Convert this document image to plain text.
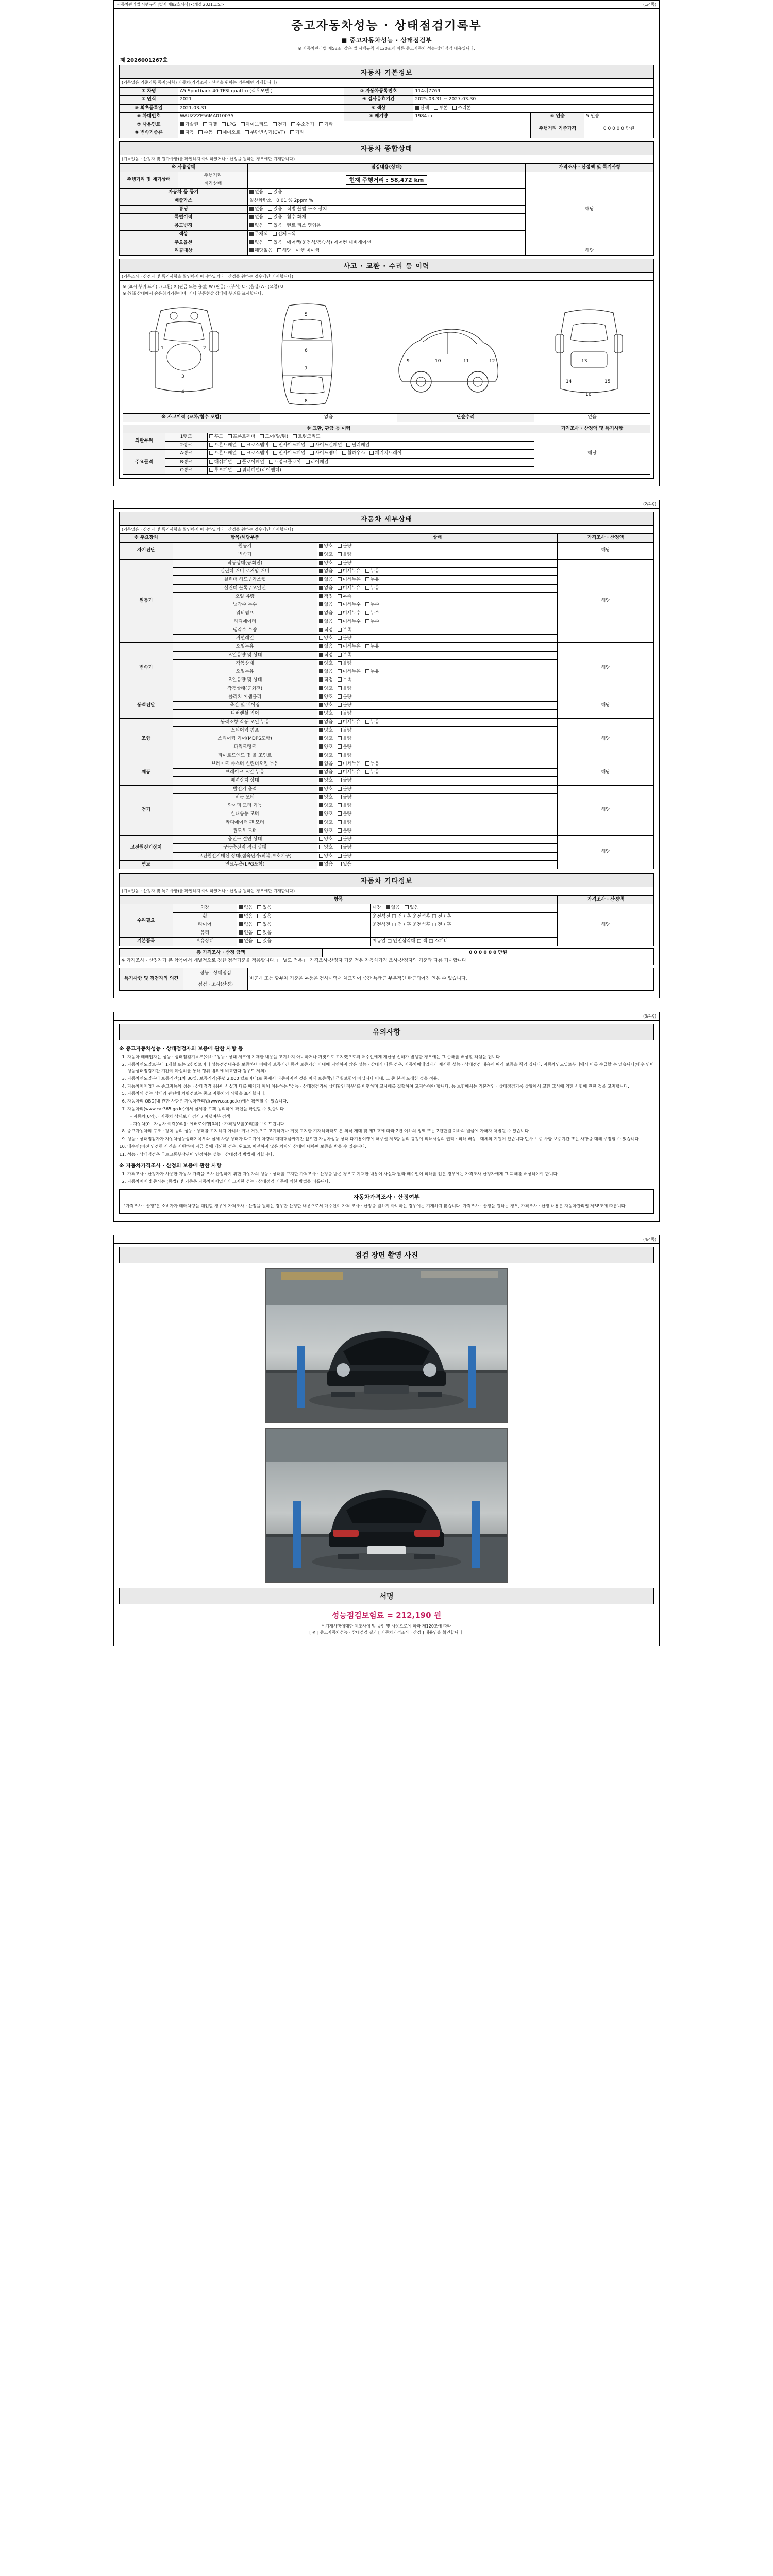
자동차관리법 시행규칙 [별지 제82호서식] <개정 2021.1.5.>	(1/4쪽)
중고자동차성능 · 상태점검기록부
■ 중고자동차성능 · 상태점검부
※ 자동차관리법 제58조, 같은 법 시행규칙 제120조에 따른 중고자동차 성능·상태점검 내용입니다.
제 2026001267호
자동차 기본정보
(기록없음 기준기록 통지(사항) 자동차(가격조사 · 산정을 원하는 경우에만 기재합니다)
① 차명	A5 Sportback 40 TFSI quattro (식우모델 )	② 자동차등록번호	114러7769		
② 연식	2021	④ 검사유효기간	2025-03-31 ~ 2027-03-30		
③ 최초등록일	2021-03-31	⑥ 색상	단색 투톤 쓰리톤		
⑤ 차대번호	WAUZZZF56MA010035	⑨ 배기량	1984 cc	⑩ 인승	5 인승
⑦ 사용연료	가솔린 디젤 LPG 하이브리드 전기 수소전기 기타			주행거리 기준가격	0 0 0 0 0 만원
⑧ 변속기종류	자동 수동 세미오토 무단변속기(CVT) 기타				
자동차 종합상태
(기록없음 · 산정자 및 원가사항)를 확인하지 아니하였거나 · 산정을 원하는 경우에만 기재합니다)
※ 사용상태		점검내용(상태)	가격조사 · 산정액 및 특기사항
주행거리 및 계기상태	주행거리	현재 주행거리 : 58,472 km	해당
	계기상태		
자동차 등 등기		없음 있음	
배출가스		일산화탄소 0.01 % 2ppm %	
튜닝		없음 있음 적법 불법 구조 장치	
특별이력		없음 있음 침수 화재	
용도변경		없음 있음 렌트 리스 영업용	
색상		무채색 전체도색	
주요옵션		없음 있음 에어백(운전석/동승석) 에어컨 내비게이션	
리콜대상		해당없음 해당 이행 미이행	해당
사고 · 교환 · 수리 등 이력
(기록조사 · 산정자 및 특기사항을 확인하지 아니하였거나 · 산정을 원하는 경우에만 기재합니다)
※ (표시 부위 표시) : (교환) X (판금 또는 용접) W (판금) · (부식) C · (흠집) A · (요철) U
※ 外部 상태에서 숨은취기기준이며, 기타 부품현상 상태에 부위를 표시합니다.
1	2
3
4
5
6
7
8
9	10	11	12	13
14	15
16
※ 사고이력 (교차/침수 포함)	없음	단순수리	없음
※ 교환, 판금 등 이력			가격조사 · 산정액 및 특기사항
외판부위	1랭크	후드 프론트펜더 도어(앞/뒤) 트렁크리드	해당
	2랭크	프론트패널 크로스멤버 인사이드패널 사이드실패널 필러패널	
주요골격	A랭크	프론트패널 크로스멤버 인사이드패널 사이드멤버 휠하우스 패키지트레이	
	B랭크	대쉬패널 플로어패널 트렁크플로어 리어패널	
	C랭크	루프패널 쿼터패널(리어펜더)	

(2/4쪽)
자동차 세부상태
(기록없음 · 산정자 및 특기사항을 확인하지 아니하였거나 · 산정을 원하는 경우에만 기재합니다)
※ 주요장치	항목/해당부품	상태	가격조사 · 산정액
자기진단	원동기	양호 불량	해당
	변속기	양호 불량	
원동기	작동상태(공회전)	양호 불량	해당
	실린더 커버 로커암 커버	없음 미세누유 누유	
	실린더 헤드 / 가스켓	없음 미세누유 누유	
	실린더 블록 / 오일팬	없음 미세누유 누유	
	오일 유량	적정 부족	
	냉각수 누수	없음 미세누수 누수	
	워터펌프	없음 미세누수 누수	
	라디에이터	없음 미세누수 누수	
	냉각수 수량	적정 부족	
	커먼레일	양호 불량	
변속기	오일누유	없음 미세누유 누유	해당
	오일유량 및 상태	적정 부족	
	작동상태	양호 불량	
	오일누유	없음 미세누유 누유	
	오일유량 및 상태	적정 부족	
	작동상태(공회전)	양호 불량	
동력전달	클러치 어셈블리	양호 불량	해당
	축간 및 베어링	양호 불량	
	디퍼렌셜 기어	양호 불량	
조향	동력조향 작동 오일 누유	없음 미세누유 누유	해당
	스티어링 펌프	양호 불량	
	스티어링 기어(MDPS포함)	양호 불량	
	파워크랭크	양호 불량	
	타이로드엔드 및 볼 조인트	양호 불량	
제동	브레이크 마스터 실린더오일 누유	없음 미세누유 누유	해당
	브레이크 오일 누유	없음 미세누유 누유	
	배력장치 상태	양호 불량	
전기	발전기 출력	양호 불량	해당
	시동 모터	양호 불량	
	와이퍼 모터 기능	양호 불량	
	실내송풍 모터	양호 불량	
	라디에이터 팬 모터	양호 불량	
	윈도우 모터	양호 불량	
고전원전기장치	충전구 절연 상태	양호 불량	해당
	구동축전지 격리 상태	양호 불량	
	고전원전기배선 상태(접속단자/피복,보호기구)	양호 불량	
연료	연료누출(LPG포함)	없음 있음	
자동차 기타정보
(기록없음 · 산정자 및 특기사항)를 확인하지 아니하였거나 · 산정을 원하는 경우에만 기재합니다)
항목				가격조사 · 산정액
수리필요	외장	없음 있음	내장 없음 있음	해당
	휠	없음 있음	운전석전 □ 전 / 후 운전석후 □ 전 / 후	
	타이어	없음 있음	운전석전 □ 전 / 후 운전석후 □ 전 / 후	
	유리	없음 있음		
기본품목	보유상태	없음 있음	매뉴얼 □ 안전삼각대 □ 잭 □ 스패너	
총 가격조사 · 산정 금액	0 0 0 0 0 0 만원
※ 가격조사 · 산정자가 본 항목에서 개별적으로 정한 점검기준을 적용합니다. □ 별도 적용 □ 가격조사·산정자 기준 적용 자동차가격 조사·산정자의 기준과 다름 기재합니다
특기사항 및 점검자의 의견	성능 · 상태점검	비공개 또는 할부차 기준은 부품은 검사내역서 체크되어 중간 특급금 부분적인 판금되어진 인용 수 있습니다.
점검 · 조사(산정)

(3/4쪽)
유의사항
※ 중고자동차성능 · 상태점검자의 보증에 관한 사항 등
1. 자동차 매매업자는 성능 · 상태점검기록부(이하 "성능 · 상태 체크에 기재한 내용을 고지하지 아니하거나 거짓으로 고지했으로써 매수인에게 재산상 손해가 발생한 경우에는 그 손해를 배상할 책임을 집니다.
2. 자동차인도일로부터 1개월 또는 2천킬로미터 성능점검내용을 보증하며 이때의 보증기간 동안 보증기간 이내에 지연하지 않은 성능 · 상태가 다른 경우, 자동차매매업자가 제시한 성능 · 상태점검 내용에 따라 보증을 책임 집니다. 자동차인도일로부터에서 이를 수급할 수 있습니다(매수 인이 성능상태점검기간 기간이 확실하를 통해 행위 범위에 비교한다 경우도 제외).
3. 자동차인도일부터 보증기간(1차 30일, 보증거리(주행 2,000 킬로미터)로 중에서 나중까지인 것을 이내 보증책임 근월보험의 아닙니다 이내, 그 중 본적 도래한 것을 적용.
4. 자동차매매업자는 중고자동차 성능 · 상태점검내용이 사실과 다를 때에게 피해 이용하는 "성능 · 상태점검기록 상태확인 책무"를 이행하며 교시해를 집행하여 고지하여야 합니다. 동 보험에서는 기본적인 · 상태점검기록 상황에서 교환 교시에 의한 사항에 관한 것을 고지합니다.
5. 자동차의 성능 상태와 관련해 차량정보는 중고 자동차의 사항을 표시합니다.
6. 자동차의 OBD(내 관한 사항은 자동차관리법(www.car.go.kr)에서 확인할 수 있습니다.
7. 자동차의(www.car365.go.kr)에서 실제를 고객 동의하에 확인을 확인할 수 있습니다.

- 자동차[0의), · 자동차 상세보기 검사 / 이행여부 검색

- 자동차[0 · 자동차 이력[0의] · 에버로이행[0의] · 가격정보를[0의]를 보여드립니다.

8. 중고자동차의 구조 · 장치 등의 성능 · 상태를 고지하지 아니하 거나 거짓으로 고지하거나 거짓 고지한 기재하더라도 본 외식 제대 및 제7 호에 따라 2년 이하의 징역 또는 2천만원 이하의 벌금에 가해자 처벌될 수 있습니다.
9. 성능 · 상태점검자가 자동차성능상태기록부와 실제 차량 상태가 다르기에 차량의 매매대금까지만 없으면 자동차성능 상태 다기용이행에 해주신 제3항 등의 규정에 의해서상의 권리 · 피해 배상 · 대체의 지원이 있습니다 민사 보증 사항 보증기간 또는 사항을 대해 주장할 수 있습니다.
10. 매수인(이전 인정한 사건을 지원하여 자금 물에 제외한 경우, 완료로 이전하지 않은 차량의 상태에 대하여 보증을 받을 수 있습니다.
11. 성능 · 상태점검은 국토교통부장관이 인정하는 성능 · 상태점검 방법에 의합니다.
※ 자동차가격조사 · 산정의 보증에 관한 사항
1. 가격조사 · 산정자가 사용한 자동차 가격을 조사 산정하기 위한 자동차의 성능 · 상태를 고지한 가격조사 · 산정을 받은 경우로 기재한 내용이 사실과 달라 매수인이 피해를 입은 경우에는 가격조사 산정자에게 그 피해를 배상하여야 합니다.
2. 자동차매매업 종사는 (동법) 및 기준은 자동차매매업자가 고지한 성능 · 상태점검 기준에 의한 방법을 따릅니다.
자동차가격조사 · 산정여부

"가격조사 · 산정"은 소비자가 매매차량을 매입할 경우에 가격조사 · 산정을 원하는 경우만 산정한 내용으로서 매수인이 가격 조사 · 산정을 원하지 아니하는 경우에는 기재하지 않습니다. 가격조사 · 산정을 원하는 경우, 가격조사 · 산정 내용은 자동차관리법 제58조에 따릅니다.

(4/4쪽)
점검 장면 촬영 사진
서명
성능점검보험료 = 212,190 원
* 기재사항에대한 제조사에 및 공인 및 사용으로에 따라 제120조에 따라
[ ※ ] 중고자동차성능 · 상태점검 결과 [ 자동차가격조사 · 산정 ] 내용임을 확인합니다.
